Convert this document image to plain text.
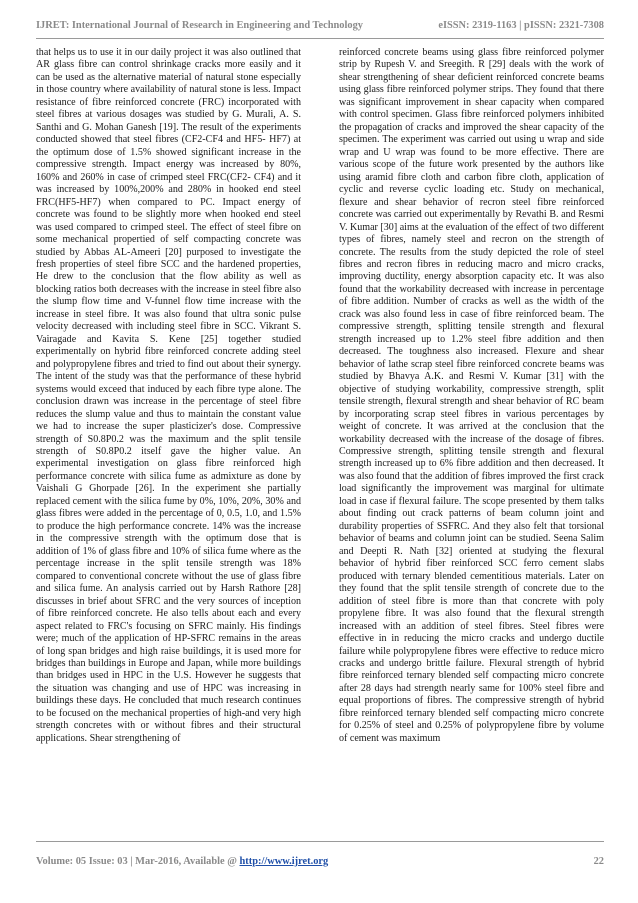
IJRET: International Journal of Research in Engineering and Technology	eISSN: 2319-1163 | pISSN: 2321-7308

that helps us to use it in our daily project it was also outlined that AR glass fibre can control shrinkage cracks more easily and it can be used as the alternative material of natural stone especially in those country where availability of natural stone is less. Impact resistance of fibre reinforced concrete (FRC) incorporated with steel fibres at various dosages was studied by G. Murali, A. S. Santhi and G. Mohan Ganesh [19]. The result of the experiments conducted showed that steel fibres (CF2-CF4 and HF5- HF7) at the optimum dose of 1.5% showed significant increase in the compressive strength. Impact energy was increased by 80%, 160% and 260% in case of crimped steel FRC(CF2- CF4) and it was increased by 100%,200% and 280% in hooked end steel FRC(HF5-HF7) when compared to PC. Impact energy of concrete was found to be slightly more when hooked end steel was used compared to crimped steel. The effect of steel fibre on some mechanical propertied of self compacting concrete was studied by Abbas AL-Ameeri [20] purposed to investigate the fresh properties of steel fibre SCC and the hardened properties, He drew to the conclusion that the flow ability as well as blocking ratios both decreases with the increase in steel fibre also the slump flow time and V-funnel flow time increase with the increase in steel fibre. It was also found that ultra sonic pulse velocity decreased with including steel fibre in SCC. Vikrant S. Vairagade and Kavita S. Kene [25] together studied experimentally on hybrid fibre reinforced concrete adding steel and polypropylene fibres and tried to find out about their synergy. The intent of the study was that the performance of these hybrid systems would exceed that induced by each fibre type alone. The conclusion drawn was increase in the percentage of steel fibre reduces the slump value and thus to maintain the constant value we had to increase the super plasticizer's dose. Compressive strength of S0.8P0.2 was the maximum and the split tensile strength of S0.8P0.2 itself gave the higher value. An experimental investigation on glass fibre reinforced high performance concrete with silica fume as admixture as done by Vaishali G Ghorpade [26]. In the experiment she partially replaced cement with the silica fume by 0%, 10%, 20%, 30% and glass fibres were added in the percentage of 0, 0.5, 1.0, and 1.5% to produce the high performance concrete. 14% was the increase in the compressive strength with the optimum dose that is addition of 1% of glass fibre and 10% of silica fume where as the percentage increase in the split tensile strength was 18% compared to conventional concrete without the use of glass fibre and silica fume. An analysis carried out by Harsh Rathore [28] discusses in brief about SFRC and the very sources of inception of fibre reinforced concrete. He also tells about each and every aspect related to FRC's focusing on SFRC mainly. His findings were; much of the application of HP-SFRC remains in the areas of long span bridges and high raise buildings, it is used more for bridges than buildings in Europe and Japan, while more buildings than bridges used in HPC in the U.S. However he suggests that the situation was changing and use of HPC was increasing in buildings these days. He concluded that much research continues to be focused on the mechanical properties of high-and very high strength concretes with or without fibres and their structural applications. Shear strengthening of

reinforced concrete beams using glass fibre reinforced polymer strip by Rupesh V. and Sreegith. R [29] deals with the work of shear strengthening of shear deficient reinforced concrete beams using glass fibre reinforced polymer strips. They found that there was significant improvement in shear capacity when compared with control specimen. Glass fibre reinforced polymers inhibited the propagation of cracks and improved the shear capacity of the specimen. The experiment was carried out using u wrap and side wrap and U wrap was found to be more effective. There are various scope of the future work presented by the authors like using aramid fibre cloth and carbon fibre cloth, application of cyclic and reverse cyclic loading etc. Study on mechanical, flexure and shear behavior of recron steel fibre reinforced concrete was carried out experimentally by Revathi B. and Resmi V. Kumar [30] aims at the evaluation of the effect of two different types of fibres, namely steel and recron on the strength of concrete. The results from the study depicted the role of steel fibres and recron fibres in reducing macro and micro cracks, improving ductility, energy absorption capacity etc. It was also found that the workability decreased with increase in percentage of fibre addition. Number of cracks as well as the width of the crack was also found less in case of fibre reinforced beam. The compressive strength, splitting tensile strength and flexural strength increased up to 1.2% steel fibre addition and then decreased. The toughness also increased. Flexure and shear behavior of lathe scrap steel fibre reinforced concrete beams was studied by Bhavya A.K. and Resmi V. Kumar [31] with the objective of studying workability, compressive strength, split tensile strength, flexural strength and shear behavior of RC beam by incorporating scrap steel fibres in various percentages by weight of concrete. It was arrived at the conclusion that the workability decreased with the increase of the dosage of fibres. Compressive strength, splitting tensile strength and flexural strength increased up to 6% fibre addition and then decreased. It was also found that the addition of fibres improved the first crack load significantly the improvement was marginal for ultimate load in case if flexural failure. The scope presented by them talks about finding out crack patterns of beam column joint and durability properties of SSFRC. And they also felt that torsional behavior of beams and column joint can be studied. Seena Salim and Deepti R. Nath [32] oriented at studying the flexural behavior of hybrid fiber reinforced SCC ferro cement slabs produced with ternary blended cementitious materials. Later on they found that the split tensile strength of concrete due to the addition of steel fibre is more than that concrete with poly propylene fibre. It was also found that the flexural strength increased with an addition of steel fibres. Steel fibres were effective in in reducing the micro cracks and undergo ductile failure while polypropylene fibres were effective to reduce micro cracks and undergo brittle failure. Flexural strength of hybrid fibre reinforced ternary blended self compacting micro concrete after 28 days had strength nearly same for 100% steel fibre and equal proportions of fibres. The compressive strength of hybrid fibre reinforced ternary blended self compacting micro concrete for 0.25% of steel and 0.25% of polypropylene fibre by volume of cement was maximum

Volume: 05 Issue: 03 | Mar-2016, Available @ http://www.ijret.org	22
